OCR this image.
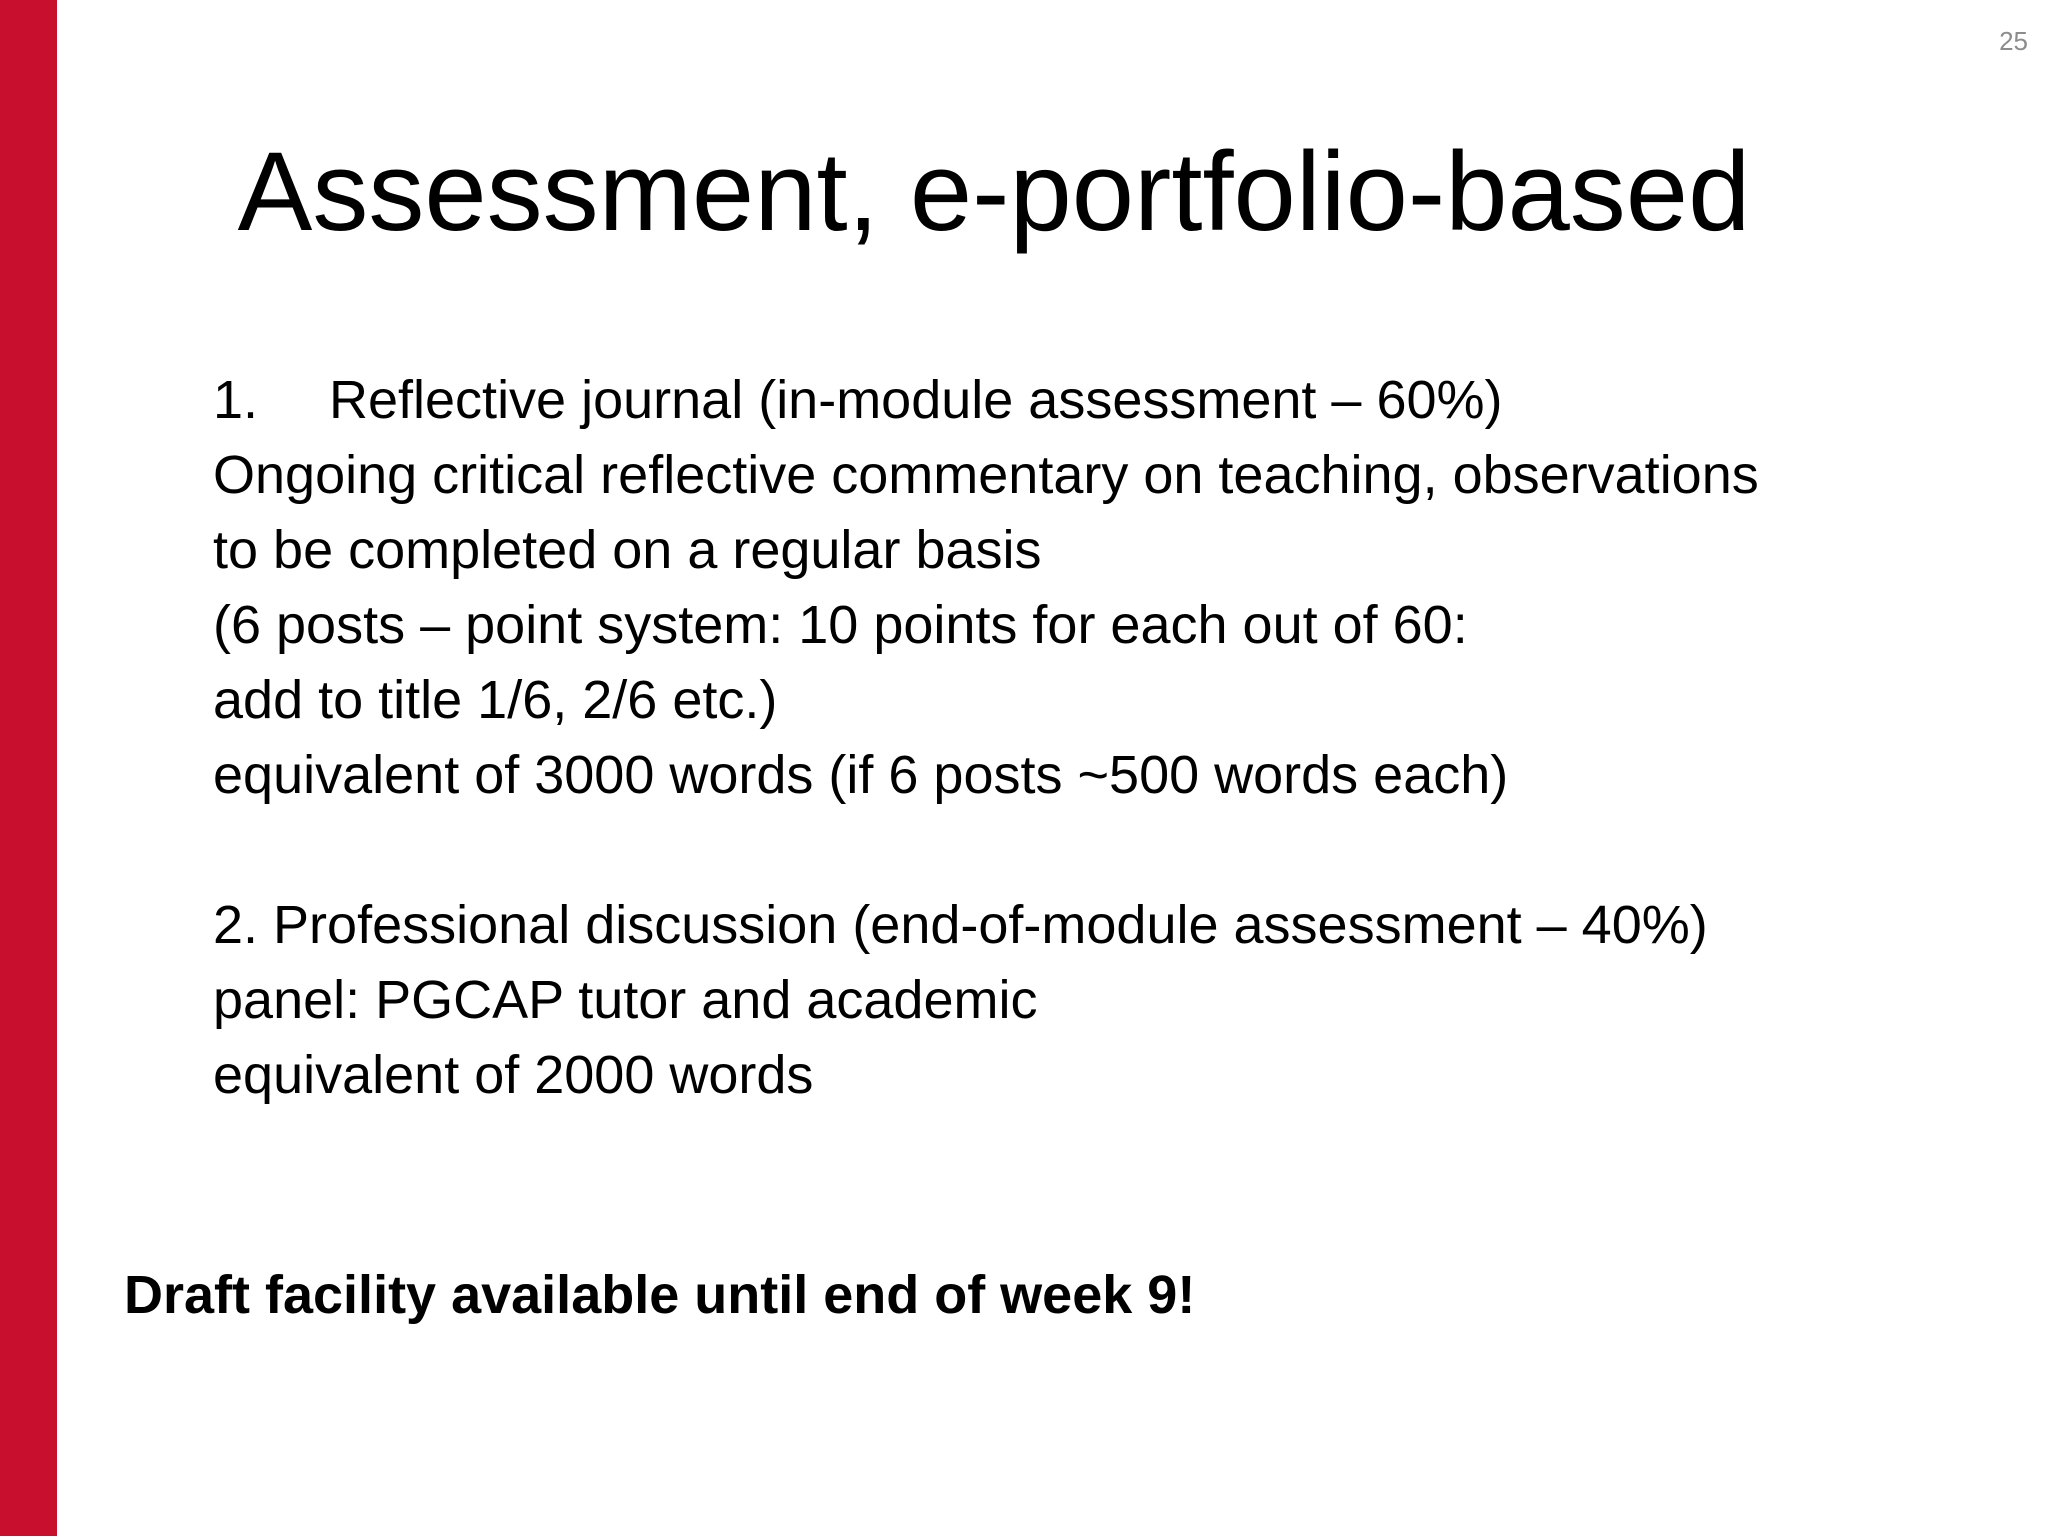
25
Assessment, e-portfolio-based
1. Reflective journal (in-module assessment – 60%)
Ongoing critical reflective commentary on teaching, observations
to be completed on a regular basis
(6 posts – point system: 10 points for each out of 60:
add to title 1/6, 2/6 etc.)
equivalent of 3000 words (if 6 posts ~500 words each)
2. Professional discussion (end-of-module assessment – 40%)
panel: PGCAP tutor and academic
equivalent of 2000 words
Draft facility available until end of week 9!
